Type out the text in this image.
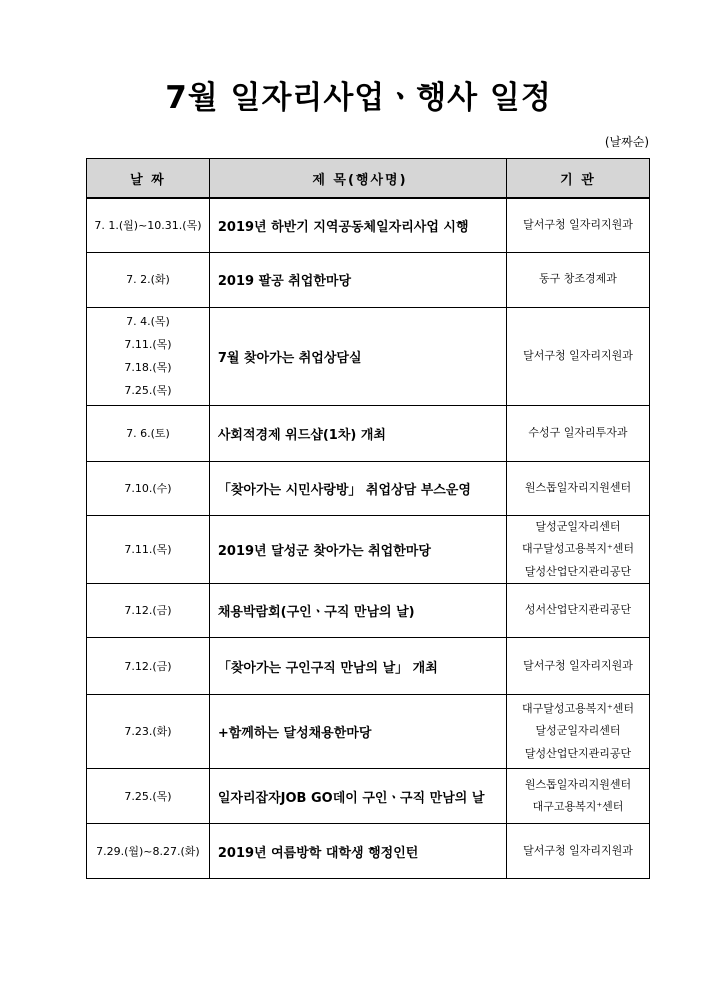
7월 일자리사업ㆍ행사 일정
(날짜순)
날 짜	제 목(행사명)	기 관

7. 1.(월)~10.31.(목)	2019년 하반기 지역공동체일자리사업 시행	달서구청 일자리지원과

7. 2.(화)	2019 팔공 취업한마당	동구 창조경제과

7. 4.(목)
7.11.(목)
7.18.(목)
7.25.(목)	7월 찾아가는 취업상담실	달서구청 일자리지원과

7. 6.(토)	사회적경제 위드샵(1차) 개최	수성구 일자리투자과

7.10.(수)	「찾아가는 시민사랑방」 취업상담 부스운영	원스톱일자리지원센터

7.11.(목)	2019년 달성군 찾아가는 취업한마당	달성군일자리센터
대구달성고용복지⁺센터
달성산업단지관리공단

7.12.(금)	채용박람회(구인ㆍ구직 만남의 날)	성서산업단지관리공단

7.12.(금)	「찾아가는 구인구직 만남의 날」 개최	달서구청 일자리지원과

7.23.(화)	+함께하는 달성채용한마당	대구달성고용복지⁺센터
달성군일자리센터
달성산업단지관리공단

7.25.(목)	일자리잡자JOB GO데이 구인ㆍ구직 만남의 날	원스톱일자리지원센터
대구고용복지⁺센터

7.29.(월)~8.27.(화)	2019년 여름방학 대학생 행정인턴	달서구청 일자리지원과
